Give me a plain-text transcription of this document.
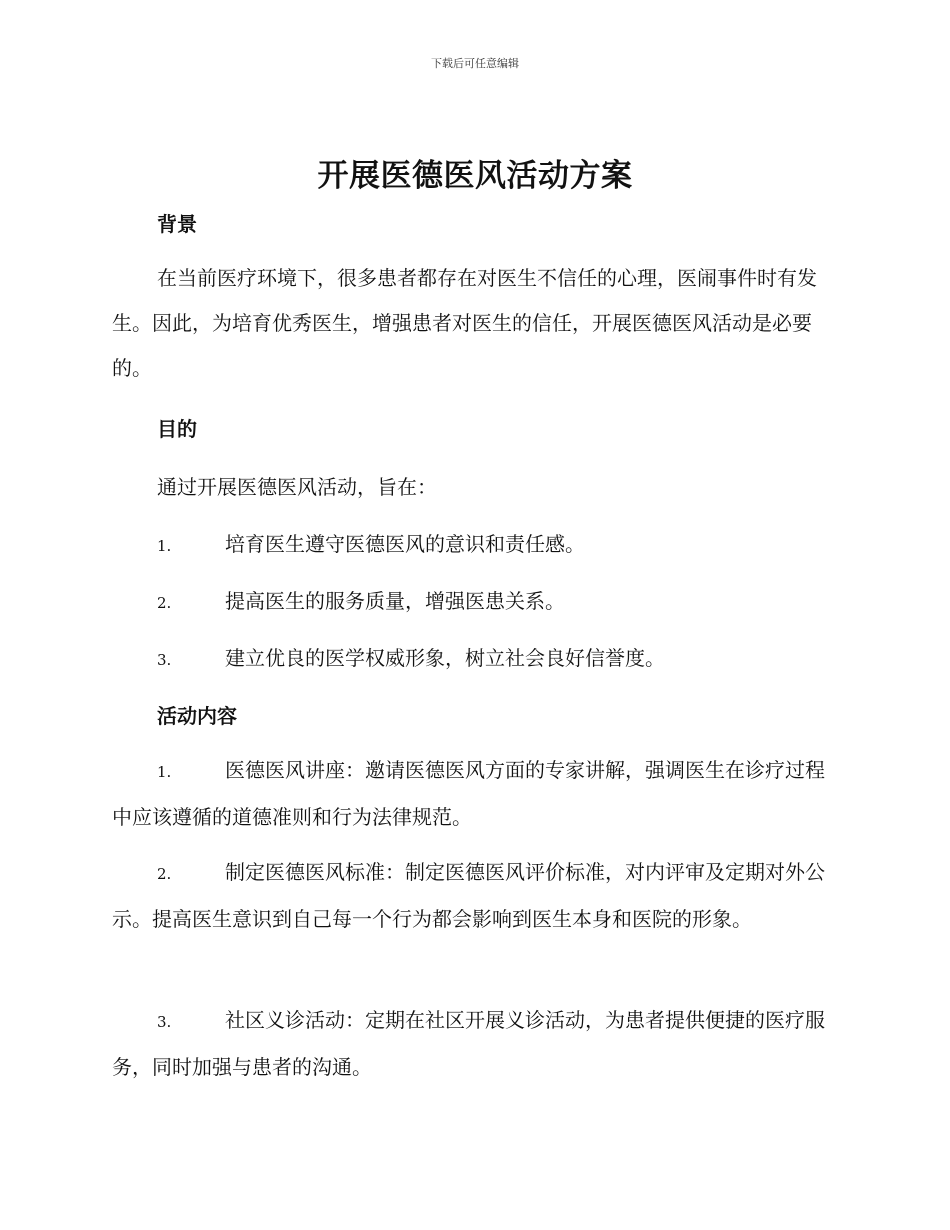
下载后可任意编辑
开展医德医风活动方案
背景

在当前医疗环境下，很多患者都存在对医生不信任的心理，医闹事件时有发生。因此，为培育优秀医生，增强患者对医生的信任，开展医德医风活动是必要的。

目的
通过开展医德医风活动，旨在：
1.	培育医生遵守医德医风的意识和责任感。
2.	提高医生的服务质量，增强医患关系。
3.	建立优良的医学权威形象，树立社会良好信誉度。
活动内容

1.	医德医风讲座：邀请医德医风方面的专家讲解，强调医生在诊疗过程中应该遵循的道德准则和行为法律规范。

2.	制定医德医风标准：制定医德医风评价标准，对内评审及定期对外公示。提高医生意识到自己每一个行为都会影响到医生本身和医院的形象。

3.	社区义诊活动：定期在社区开展义诊活动，为患者提供便捷的医疗服务，同时加强与患者的沟通。
